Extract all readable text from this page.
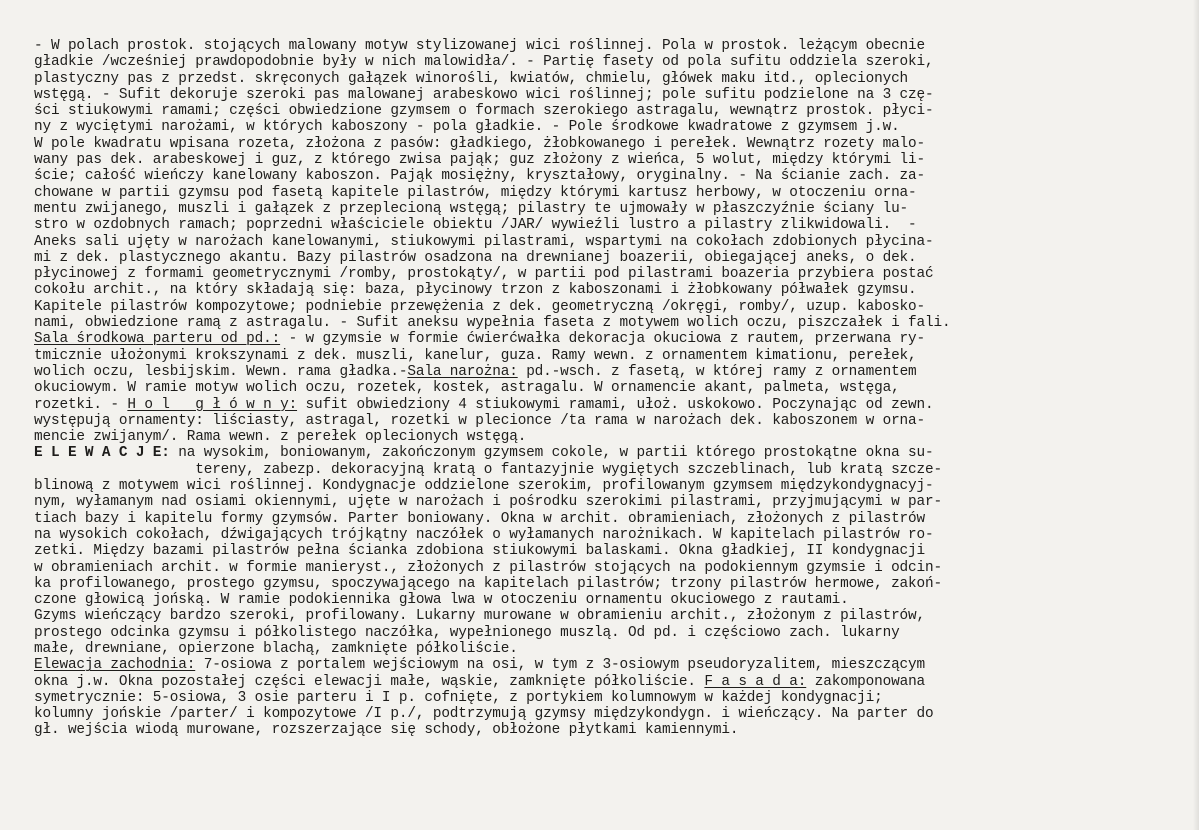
- W polach prostok. stojących malowany motyw stylizowanej wici roślinnej. Pola w prostok. leżącym obecnie
gładkie /wcześniej prawdopodobnie były w nich malowidła/. - Partię fasety od pola sufitu oddziela szeroki,
plastyczny pas z przedst. skręconych gałązek winorośli, kwiatów, chmielu, główek maku itd., oplecionych
wstęgą. - Sufit dekoruje szeroki pas malowanej arabeskowo wici roślinnej; pole sufitu podzielone na 3 czę-
ści stiukowymi ramami; części obwiedzione gzymsem o formach szerokiego astragalu, wewnątrz prostok. płyci-
ny z wyciętymi narożami, w których kaboszony - pola gładkie. - Pole środkowe kwadratowe z gzymsem j.w.
W pole kwadratu wpisana rozeta, złożona z pasów: gładkiego, żłobkowanego i perełek. Wewnątrz rozety malo-
wany pas dek. arabeskowej i guz, z którego zwisa pająk; guz złożony z wieńca, 5 wolut, między którymi li-
ście; całość wieńczy kanelowany kaboszon. Pająk mosiężny, kryształowy, oryginalny. - Na ścianie zach. za-
chowane w partii gzymsu pod fasetą kapitele pilastrów, między którymi kartusz herbowy, w otoczeniu orna-
mentu zwijanego, muszli i gałązek z przeplecioną wstęgą; pilastry te ujmowały w płaszczyźnie ściany lu-
stro w ozdobnych ramach; poprzedni właściciele obiektu /JAR/ wywieźli lustro a pilastry zlikwidowali.  -
Aneks sali ujęty w narożach kanelowanymi, stiukowymi pilastrami, wspartymi na cokołach zdobionych płycina-
mi z dek. plastycznego akantu. Bazy pilastrów osadzona na drewnianej boazerii, obiegającej aneks, o dek.
płycinowej z formami geometrycznymi /romby, prostokąty/, w partii pod pilastrami boazeria przybiera postać
cokołu archit., na który składają się: baza, płycinowy trzon z kaboszonami i żłobkowany półwałek gzymsu.
Kapitele pilastrów kompozytowe; podniebie przewężenia z dek. geometryczną /okręgi, romby/, uzup. kabosko-
nami, obwiedzione ramą z astragalu. - Sufit aneksu wypełnia faseta z motywem wolich oczu, piszczałek i fali.
Sala środkowa parteru od pd.: - w gzymsie w formie ćwierćwałka dekoracja okuciowa z rautem, przerwana ry-
tmicznie ułożonymi krokszynami z dek. muszli, kanelur, guza. Ramy wewn. z ornamentem kimationu, perełek,
wolich oczu, lesbijskim. Wewn. rama gładka.-Sala narożna: pd.-wsch. z fasetą, w której ramy z ornamentem
okuciowym. W ramie motyw wolich oczu, rozetek, kostek, astragalu. W ornamencie akant, palmeta, wstęga,
rozetki. - H o l   g ł ó w n y: sufit obwiedziony 4 stiukowymi ramami, ułoż. uskokowo. Poczynając od zewn.
występują ornamenty: liściasty, astragal, rozetki w plecionce /ta rama w narożach dek. kaboszonem w orna-
mencie zwijanym/. Rama wewn. z perełek oplecionych wstęgą.
E L E W A C J E: na wysokim, boniowanym, zakończonym gzymsem cokole, w partii którego prostokątne okna su-
tereny, zabezp. dekoracyjną kratą o fantazyjnie wygiętych szczeblinach, lub kratą szcze-
blinową z motywem wici roślinnej. Kondygnacje oddzielone szerokim, profilowanym gzymsem międzykondygnacyj-
nym, wyłamanym nad osiami okiennymi, ujęte w narożach i pośrodku szerokimi pilastrami, przyjmującymi w par-
tiach bazy i kapitelu formy gzymsów. Parter boniowany. Okna w archit. obramieniach, złożonych z pilastrów
na wysokich cokołach, dźwigających trójkątny naczółek o wyłamanych narożnikach. W kapitelach pilastrów ro-
zetki. Między bazami pilastrów pełna ścianka zdobiona stiukowymi balaskami. Okna gładkiej, II kondygnacji
w obramieniach archit. w formie manieryst., złożonych z pilastrów stojących na podokiennym gzymsie i odcin-
ka profilowanego, prostego gzymsu, spoczywającego na kapitelach pilastrów; trzony pilastrów hermowe, zakoń-
czone głowicą jońską. W ramie podokiennika głowa lwa w otoczeniu ornamentu okuciowego z rautami.
Gzyms wieńczący bardzo szeroki, profilowany. Lukarny murowane w obramieniu archit., złożonym z pilastrów,
prostego odcinka gzymsu i półkolistego naczółka, wypełnionego muszlą. Od pd. i częściowo zach. lukarny
małe, drewniane, opierzone blachą, zamknięte półkoliście.
Elewacja zachodnia: 7-osiowa z portalem wejściowym na osi, w tym z 3-osiowym pseudoryzalitem, mieszczącym
okna j.w. Okna pozostałej części elewacji małe, wąskie, zamknięte półkoliście. F a s a d a: zakomponowana
symetrycznie: 5-osiowa, 3 osie parteru i I p. cofnięte, z portykiem kolumnowym w każdej kondygnacji;
kolumny jońskie /parter/ i kompozytowe /I p./, podtrzymują gzymsy międzykondygn. i wieńczący. Na parter do
gł. wejścia wiodą murowane, rozszerzające się schody, obłożone płytkami kamiennymi.
